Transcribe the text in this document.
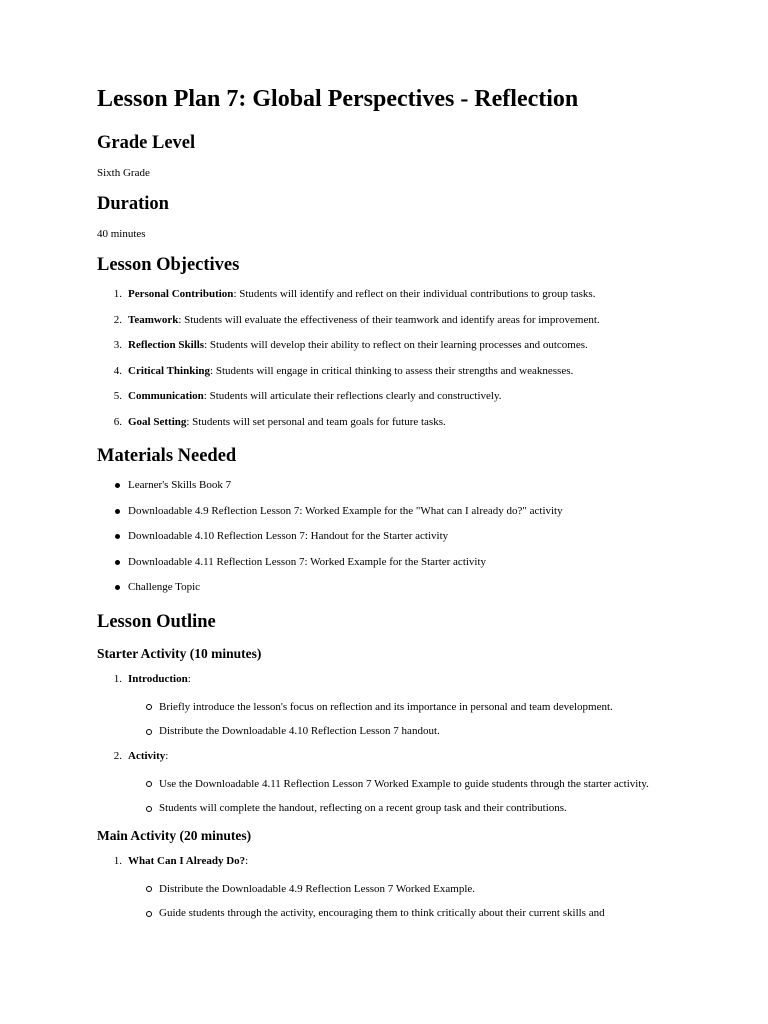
Lesson Plan 7: Global Perspectives - Reflection
Grade Level

Sixth Grade

Duration

40 minutes

Lesson Objectives
1. Personal Contribution: Students will identify and reflect on their individual contributions to group tasks.
2. Teamwork: Students will evaluate the effectiveness of their teamwork and identify areas for improvement.
3. Reflection Skills: Students will develop their ability to reflect on their learning processes and outcomes.
4. Critical Thinking: Students will engage in critical thinking to assess their strengths and weaknesses.
5. Communication: Students will articulate their reflections clearly and constructively.
6. Goal Setting: Students will set personal and team goals for future tasks.
Materials Needed
Learner's Skills Book 7
Downloadable 4.9 Reflection Lesson 7: Worked Example for the "What can I already do?" activity
Downloadable 4.10 Reflection Lesson 7: Handout for the Starter activity
Downloadable 4.11 Reflection Lesson 7: Worked Example for the Starter activity
Challenge Topic
Lesson Outline
Starter Activity (10 minutes)
1. Introduction:
Briefly introduce the lesson's focus on reflection and its importance in personal and team development.
Distribute the Downloadable 4.10 Reflection Lesson 7 handout.
2. Activity:
Use the Downloadable 4.11 Reflection Lesson 7 Worked Example to guide students through the starter activity.
Students will complete the handout, reflecting on a recent group task and their contributions.
Main Activity (20 minutes)
1. What Can I Already Do?:
Distribute the Downloadable 4.9 Reflection Lesson 7 Worked Example.
Guide students through the activity, encouraging them to think critically about their current skills and
